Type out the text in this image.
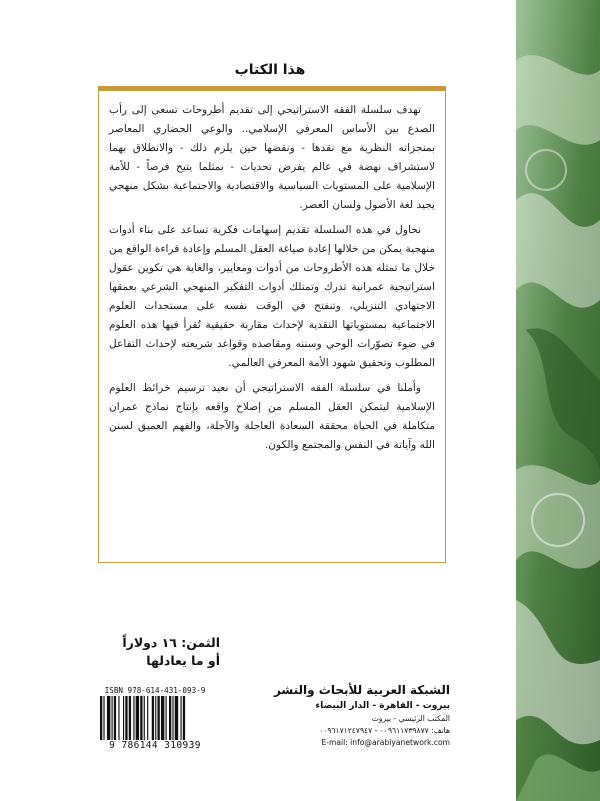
هذا الكتاب

تهدف سلسلة الفقه الاستراتيجي إلى تقديم أطروحات تسعى إلى رأب الصدع بين الأساس المعرفي الإسلامي.. والوعي الحضاري المعاصر بمنجزاته النظرية مع نقدها - ونقضها حين يلزم ذلك - والانطلاق بهما لاستشراف نهضة في عالم يفرض تحديات - بمثلما يتيح فرصاً - للأمة الإسلامية على المستويات السياسية والاقتصادية والاجتماعية بشكل منهجي يجيد لغة الأصول ولسان العصر.

نحاول في هذه السلسلة تقديم إسهامات فكرية تساعد على بناء أدوات منهجية يمكن من خلالها إعادة صياغة العقل المسلم وإعادة قراءة الواقع من خلال ما تمثله هذه الأطروحات من أدوات ومعايير، والغاية هي تكوين عقول استراتيجية عمرانية تدرك وتمتلك أدوات التفكير المنهجي الشرعي بعمقها الاجتهادي التنزيلي، وتنفتح في الوقت نفسه على مستجدات العلوم الاجتماعية بمستوياتها النقدية لإحداث مقاربة حقيقية تُقرأ فيها هذه العلوم في ضوء تصوّرات الوحي وسننه ومقاصده وقواعد شريعته لإحداث التفاعل المطلوب وتحقيق شهود الأمة المعرفي العالمي.

وأملنا في سلسلة الفقه الاستراتيجي أن نعيد ترسيم خرائط العلوم الإسلامية ليتمكن العقل المسلم من إصلاح واقعه بإنتاج نماذج عمران متكاملة في الحياة محققة السعادة العاجلة والآجلة، والفهم العميق لسنن الله وآياته في النفس والمجتمع والكون.

الثمن: ١٦ دولاراً
أو ما يعادلها
ISBN 978-614-431-093-9
9 786144 310939
الشبكة العربية للأبحاث والنشر
بيروت - القاهرة - الدار البيضاء
المكتب الرئيسي - بيروت
هاتف: ٠٠٩٦١١٧٣٩٨٧٧ - ٠٠٩٦١٧١٢٤٧٩٤٧
E-mail: info@arabiyanetwork.com
